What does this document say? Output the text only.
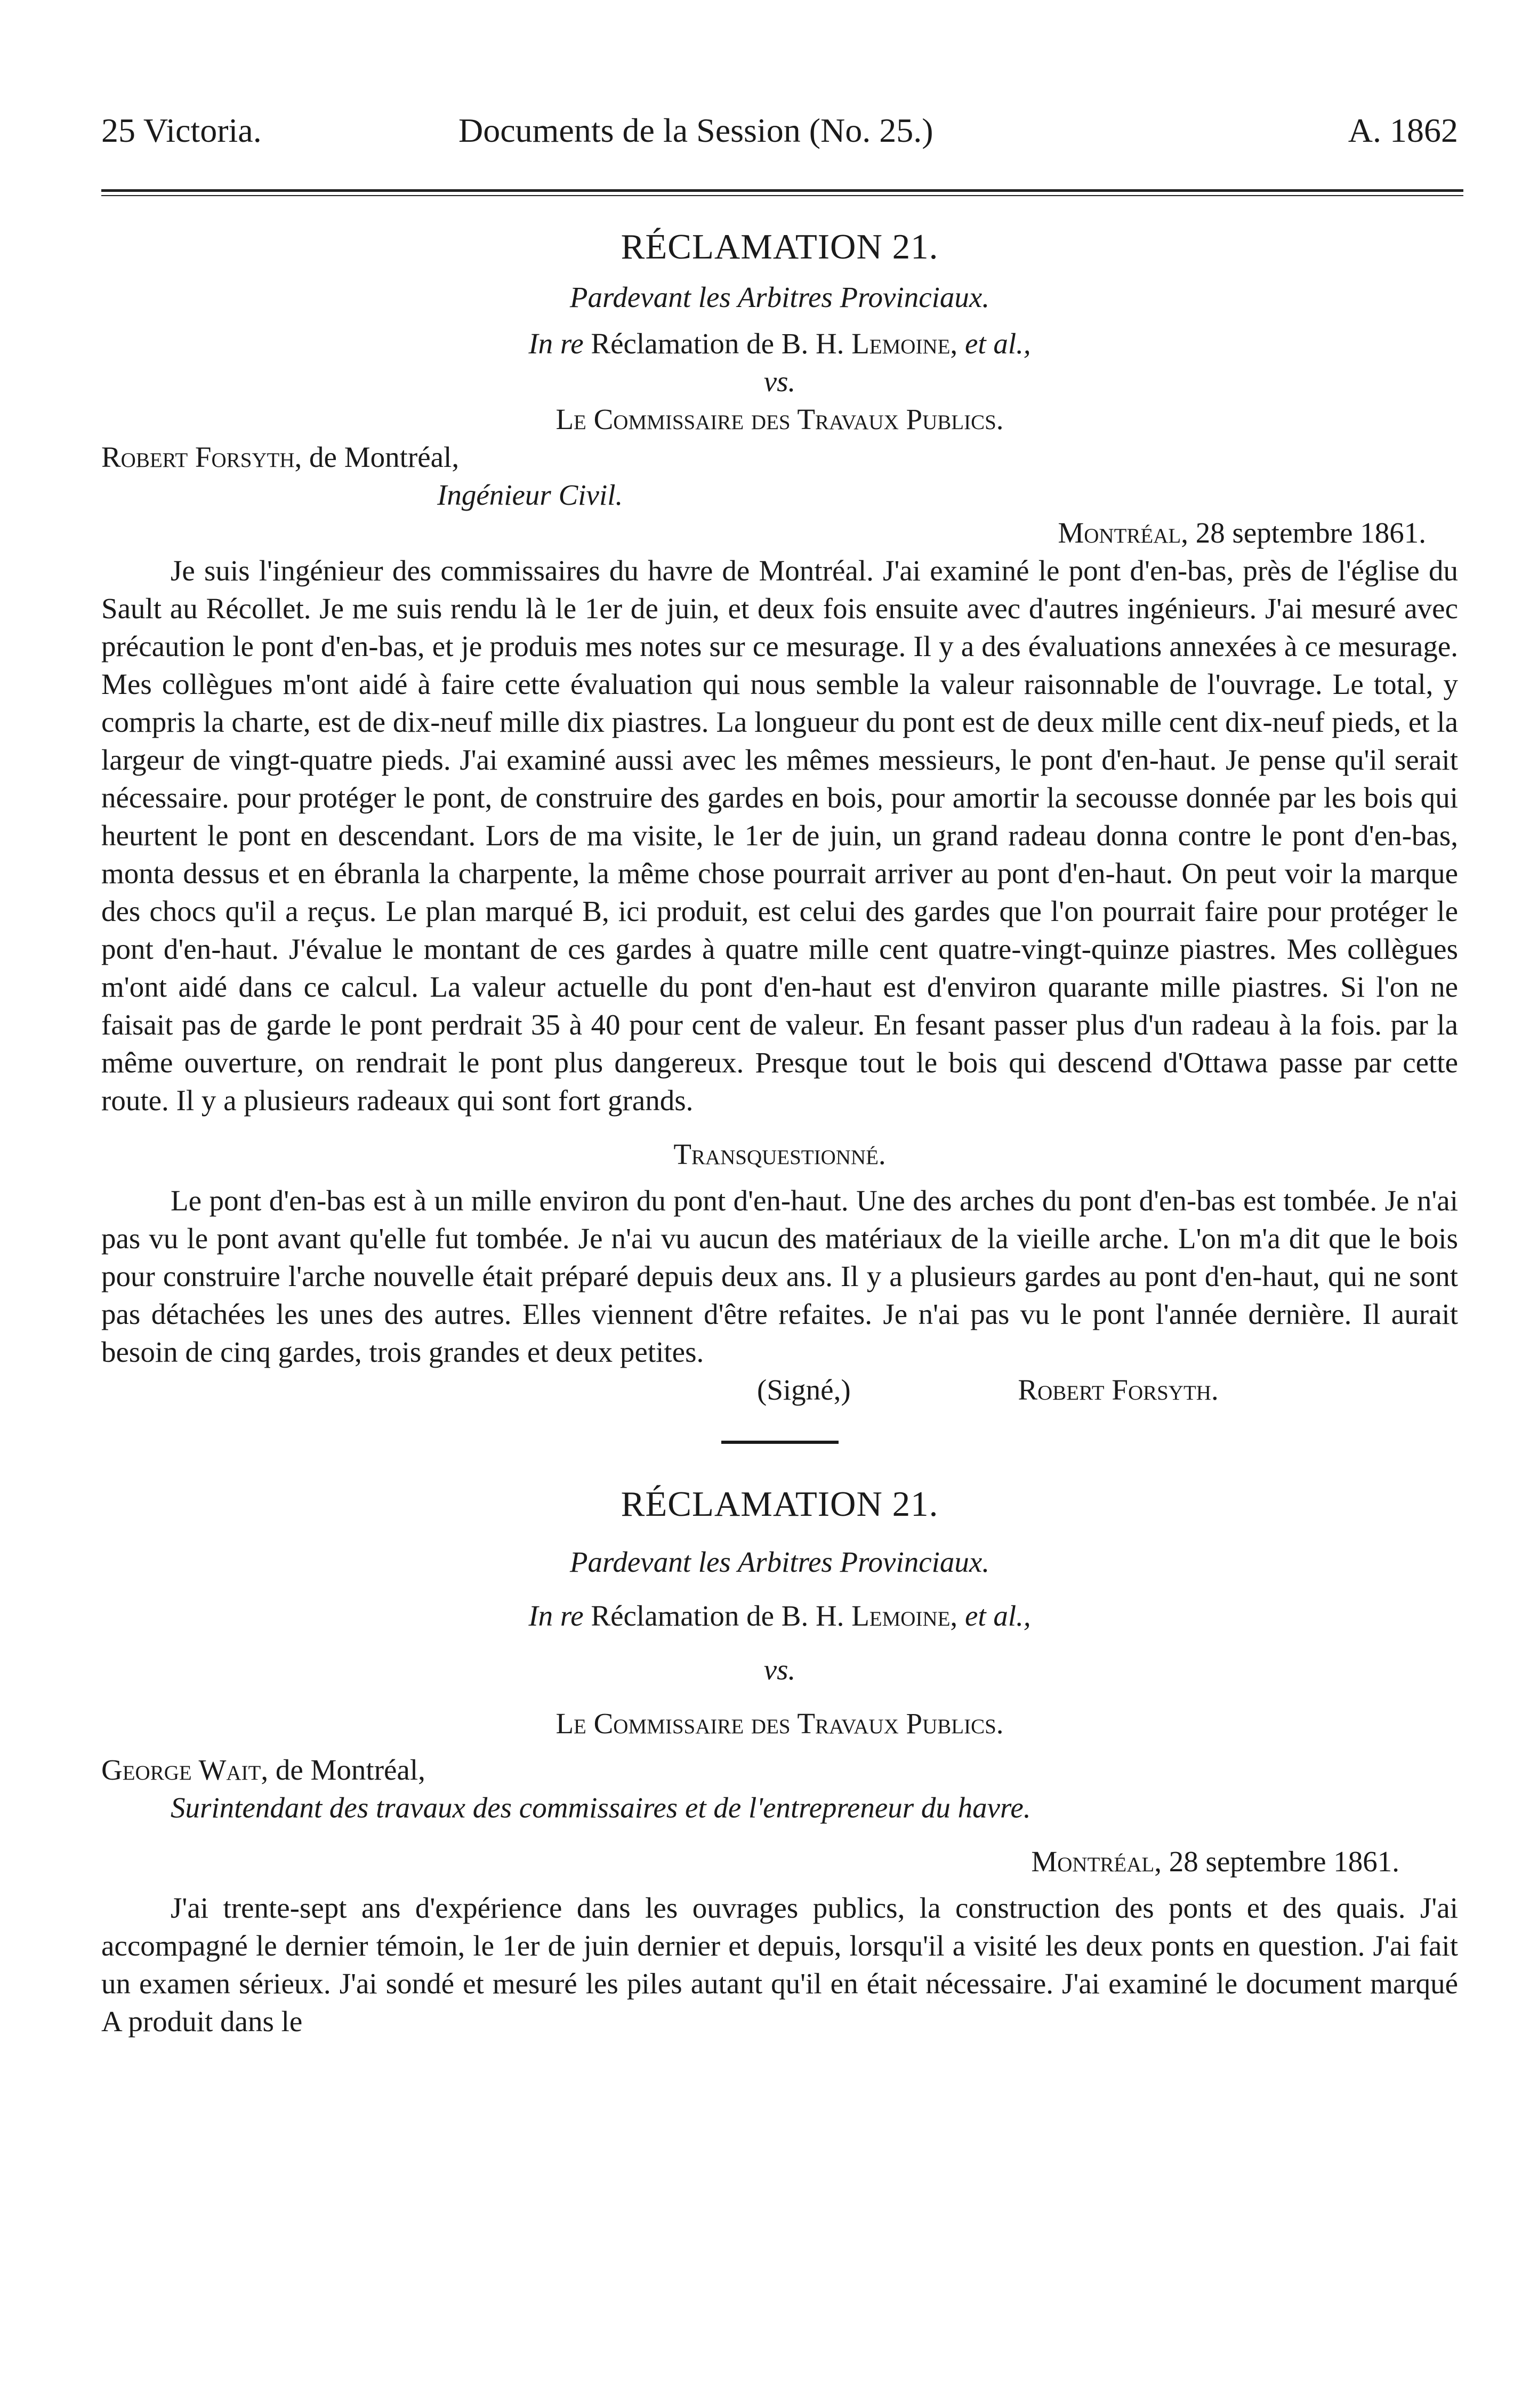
25 Victoria.	Documents de la Session (No. 25.)	A. 1862

RÉCLAMATION 21.

Pardevant les Arbitres Provinciaux.

In re Réclamation de B. H. Lemoine, et al.,

vs.

Le Commissaire des Travaux Publics.

Robert Forsyth, de Montréal,

Ingénieur Civil.

Montréal, 28 septembre 1861.

Je suis l'ingénieur des commissaires du havre de Montréal. J'ai examiné le pont d'en-bas, près de l'église du Sault au Récollet. Je me suis rendu là le 1er de juin, et deux fois ensuite avec d'autres ingénieurs. J'ai mesuré avec précaution le pont d'en-bas, et je produis mes notes sur ce mesurage. Il y a des évaluations annexées à ce mesurage. Mes collègues m'ont aidé à faire cette évaluation qui nous semble la valeur raisonnable de l'ouvrage. Le total, y compris la charte, est de dix-neuf mille dix piastres. La longueur du pont est de deux mille cent dix-neuf pieds, et la largeur de vingt-quatre pieds. J'ai examiné aussi avec les mêmes messieurs, le pont d'en-haut. Je pense qu'il serait nécessaire. pour protéger le pont, de construire des gardes en bois, pour amortir la secousse donnée par les bois qui heurtent le pont en descendant. Lors de ma visite, le 1er de juin, un grand radeau donna contre le pont d'en-bas, monta dessus et en ébranla la charpente, la même chose pourrait arriver au pont d'en-haut. On peut voir la marque des chocs qu'il a reçus. Le plan marqué B, ici produit, est celui des gardes que l'on pourrait faire pour protéger le pont d'en-haut. J'évalue le montant de ces gardes à quatre mille cent quatre-vingt-quinze piastres. Mes collègues m'ont aidé dans ce calcul. La valeur actuelle du pont d'en-haut est d'environ quarante mille piastres. Si l'on ne faisait pas de garde le pont perdrait 35 à 40 pour cent de valeur. En fesant passer plus d'un radeau à la fois. par la même ouverture, on rendrait le pont plus dangereux. Presque tout le bois qui descend d'Ottawa passe par cette route. Il y a plusieurs radeaux qui sont fort grands.

Transquestionné.

Le pont d'en-bas est à un mille environ du pont d'en-haut. Une des arches du pont d'en-bas est tombée. Je n'ai pas vu le pont avant qu'elle fut tombée. Je n'ai vu aucun des matériaux de la vieille arche. L'on m'a dit que le bois pour construire l'arche nouvelle était préparé depuis deux ans. Il y a plusieurs gardes au pont d'en-haut, qui ne sont pas détachées les unes des autres. Elles viennent d'être refaites. Je n'ai pas vu le pont l'année dernière. Il aurait besoin de cinq gardes, trois grandes et deux petites.

(Signé,)	Robert Forsyth.

RÉCLAMATION 21.

Pardevant les Arbitres Provinciaux.

In re Réclamation de B. H. Lemoine, et al.,

vs.

Le Commissaire des Travaux Publics.

George Wait, de Montréal,

Surintendant des travaux des commissaires et de l'entrepreneur du havre.

Montréal, 28 septembre 1861.

J'ai trente-sept ans d'expérience dans les ouvrages publics, la construction des ponts et des quais. J'ai accompagné le dernier témoin, le 1er de juin dernier et depuis, lorsqu'il a visité les deux ponts en question. J'ai fait un examen sérieux. J'ai sondé et mesuré les piles autant qu'il en était nécessaire. J'ai examiné le document marqué A produit dans le
